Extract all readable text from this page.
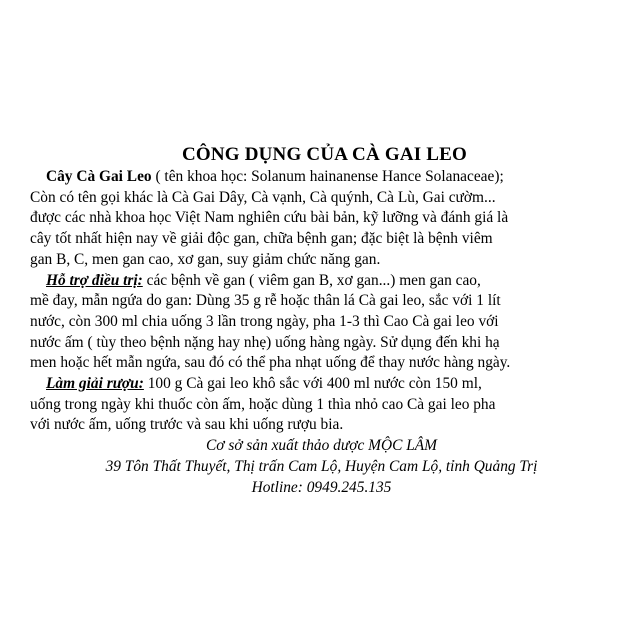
CÔNG DỤNG CỦA CÀ GAI LEO

Cây Cà Gai Leo ( tên khoa học: Solanum hainanense Hance Solanaceae);
Còn có tên gọi khác là Cà Gai Dây, Cà vạnh, Cà quýnh, Cà Lù, Gai cườm...
được các nhà khoa học Việt Nam nghiên cứu bài bản, kỹ lưỡng và đánh giá là
cây tốt nhất hiện nay về giải độc gan, chữa bệnh gan; đặc biệt là bệnh viêm
gan B, C, men gan cao, xơ gan, suy giảm chức năng gan.

Hỗ trợ điều trị: các bệnh về gan ( viêm gan B, xơ gan...) men gan cao,
mề đay, mẫn ngứa do gan: Dùng 35 g rễ hoặc thân lá Cà gai leo, sắc với 1 lít
nước, còn 300 ml chia uống 3 lần trong ngày, pha 1-3 thì Cao Cà gai leo với
nước ấm ( tùy theo bệnh nặng hay nhẹ) uống hàng ngày. Sử dụng đến khi hạ
men hoặc hết mẫn ngứa, sau đó có thể pha nhạt uống để thay nước hàng ngày.

Làm giải rượu: 100 g Cà gai leo khô sắc với 400 ml nước còn 150 ml,
uống trong ngày khi thuốc còn ấm, hoặc dùng 1 thìa nhỏ cao Cà gai leo pha
với nước ấm, uống trước và sau khi uống rượu bia.

Cơ sở sản xuất thảo dược MỘC LÂM
39 Tôn Thất Thuyết, Thị trấn Cam Lộ, Huyện Cam Lộ, tỉnh Quảng Trị
Hotline: 0949.245.135
